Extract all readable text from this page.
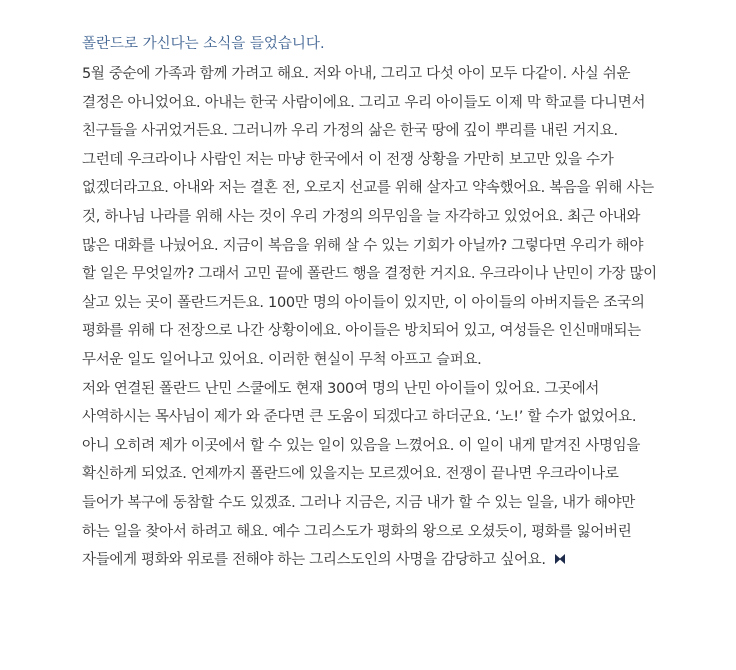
폴란드로 가신다는 소식을 들었습니다.
5월 중순에 가족과 함께 가려고 해요. 저와 아내, 그리고 다섯 아이 모두 다같이. 사실 쉬운
결정은 아니었어요. 아내는 한국 사람이에요. 그리고 우리 아이들도 이제 막 학교를 다니면서
친구들을 사귀었거든요. 그러니까 우리 가정의 삶은 한국 땅에 깊이 뿌리를 내린 거지요.
그런데 우크라이나 사람인 저는 마냥 한국에서 이 전쟁 상황을 가만히 보고만 있을 수가
없겠더라고요. 아내와 저는 결혼 전, 오로지 선교를 위해 살자고 약속했어요. 복음을 위해 사는
것, 하나님 나라를 위해 사는 것이 우리 가정의 의무임을 늘 자각하고 있었어요. 최근 아내와
많은 대화를 나눴어요. 지금이 복음을 위해 살 수 있는 기회가 아닐까? 그렇다면 우리가 해야
할 일은 무엇일까? 그래서 고민 끝에 폴란드 행을 결정한 거지요. 우크라이나 난민이 가장 많이
살고 있는 곳이 폴란드거든요. 100만 명의 아이들이 있지만, 이 아이들의 아버지들은 조국의
평화를 위해 다 전장으로 나간 상황이에요. 아이들은 방치되어 있고, 여성들은 인신매매되는
무서운 일도 일어나고 있어요. 이러한 현실이 무척 아프고 슬퍼요.
저와 연결된 폴란드 난민 스쿨에도 현재 300여 명의 난민 아이들이 있어요. 그곳에서
사역하시는 목사님이 제가 와 준다면 큰 도움이 되겠다고 하더군요. ‘노!’ 할 수가 없었어요.
아니 오히려 제가 이곳에서 할 수 있는 일이 있음을 느꼈어요. 이 일이 내게 맡겨진 사명임을
확신하게 되었죠. 언제까지 폴란드에 있을지는 모르겠어요. 전쟁이 끝나면 우크라이나로
들어가 복구에 동참할 수도 있겠죠. 그러나 지금은, 지금 내가 할 수 있는 일을, 내가 해야만
하는 일을 찾아서 하려고 해요. 예수 그리스도가 평화의 왕으로 오셨듯이, 평화를 잃어버린
자들에게 평화와 위로를 전해야 하는 그리스도인의 사명을 감당하고 싶어요.
